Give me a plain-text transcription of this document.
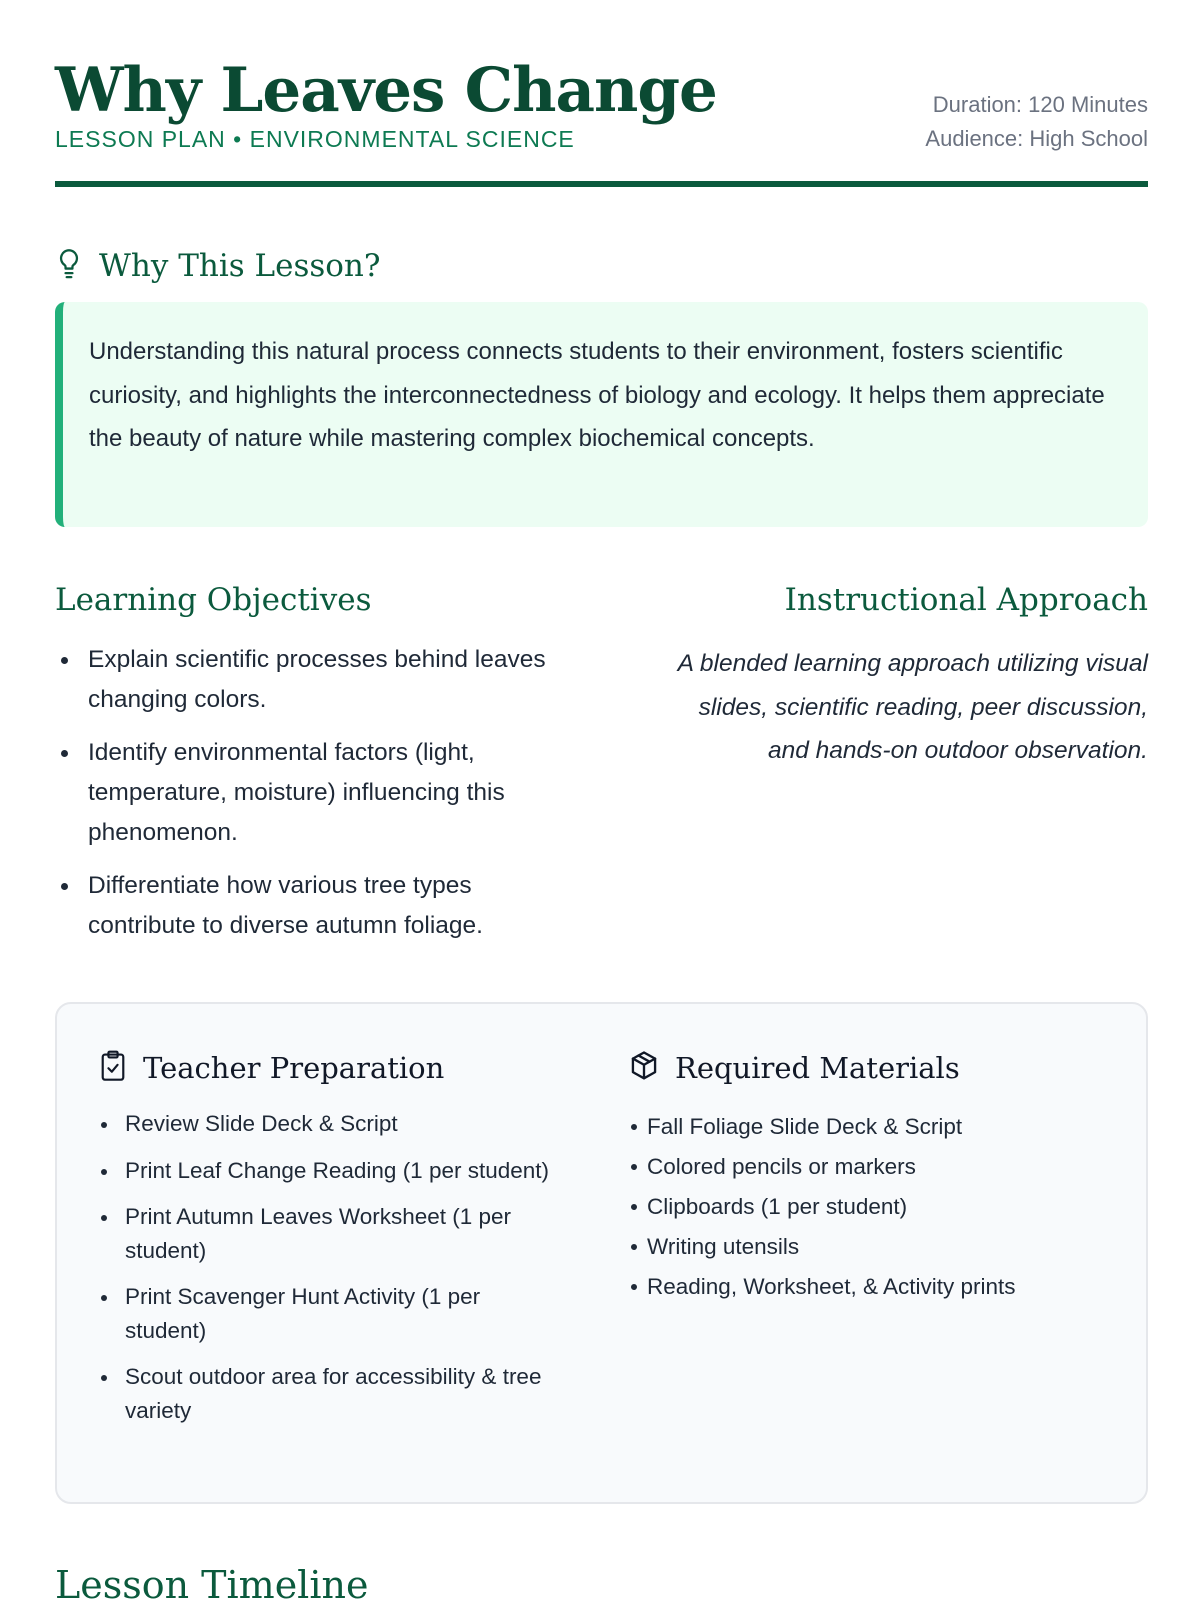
Why Leaves Change
LESSON PLAN • ENVIRONMENTAL SCIENCE
Duration: 120 Minutes
Audience: High School
Why This Lesson?
Understanding this natural process connects students to their environment, fosters scientific curiosity, and highlights the interconnectedness of biology and ecology. It helps them appreciate the beauty of nature while mastering complex biochemical concepts.
Learning Objectives	Instructional Approach
Explain scientific processes behind leaves changing colors.
Identify environmental factors (light, temperature, moisture) influencing this phenomenon.
Differentiate how various tree types contribute to diverse autumn foliage.
A blended learning approach utilizing visual slides, scientific reading, peer discussion, and hands-on outdoor observation.
Teacher Preparation
Review Slide Deck & Script
Print Leaf Change Reading (1 per student)
Print Autumn Leaves Worksheet (1 per student)
Print Scavenger Hunt Activity (1 per student)
Scout outdoor area for accessibility & tree variety
Required Materials
Fall Foliage Slide Deck & Script
Colored pencils or markers
Clipboards (1 per student)
Writing utensils
Reading, Worksheet, & Activity prints
Lesson Timeline
